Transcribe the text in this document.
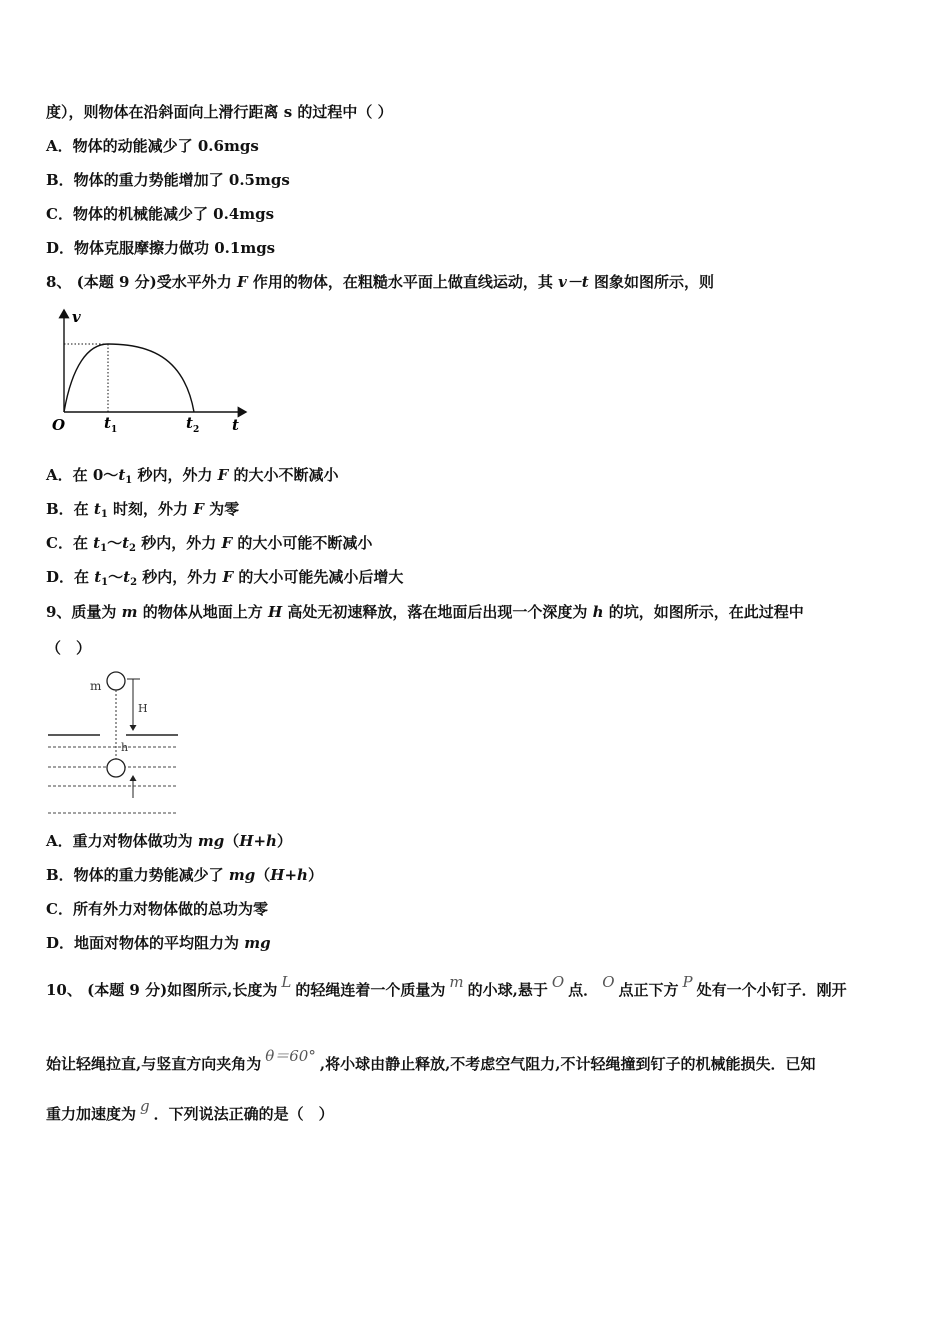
度），则物体在沿斜面向上滑行距离 s 的过程中（ ）
A．物体的动能减少了 0.6mgs
B．物体的重力势能增加了 0.5mgs
C．物体的机械能减少了 0.4mgs
D．物体克服摩擦力做功 0.1mgs
8、 (本题 9 分)受水平外力 F 作用的物体，在粗糙水平面上做直线运动，其 v－t 图象如图所示，则
v
O	$t_1$	$t_2$ t
A．在 $0\sim t_1$ 秒内，外力 F 的大小不断减小
B．在 $t_1$ 时刻，外力 F 为零
C．在 $t_1\sim t_2$ 秒内，外力 F 的大小可能不断减小
D．在 $t_1\sim t_2$ 秒内，外力 F 的大小可能先减小后增大
9、质量为 m 的物体从地面上方 H 高处无初速释放，落在地面后出现一个深度为 h 的坑，如图所示，在此过程中
（　）
m
H
h
A．重力对物体做功为 mg（H+h）
B．物体的重力势能减少了 mg（H+h）
C．所有外力对物体做的总功为零
D．地面对物体的平均阻力为 mg
10、 (本题 9 分)如图所示,长度为 L 的轻绳连着一个质量为 m 的小球,悬于 O 点． O 点正下方 P 处有一个小钉子．刚开
始让轻绳拉直,与竖直方向夹角为 θ＝60° ,将小球由静止释放,不考虑空气阻力,不计轻绳撞到钉子的机械能损失．已知
重力加速度为 g ．下列说法正确的是（　）
